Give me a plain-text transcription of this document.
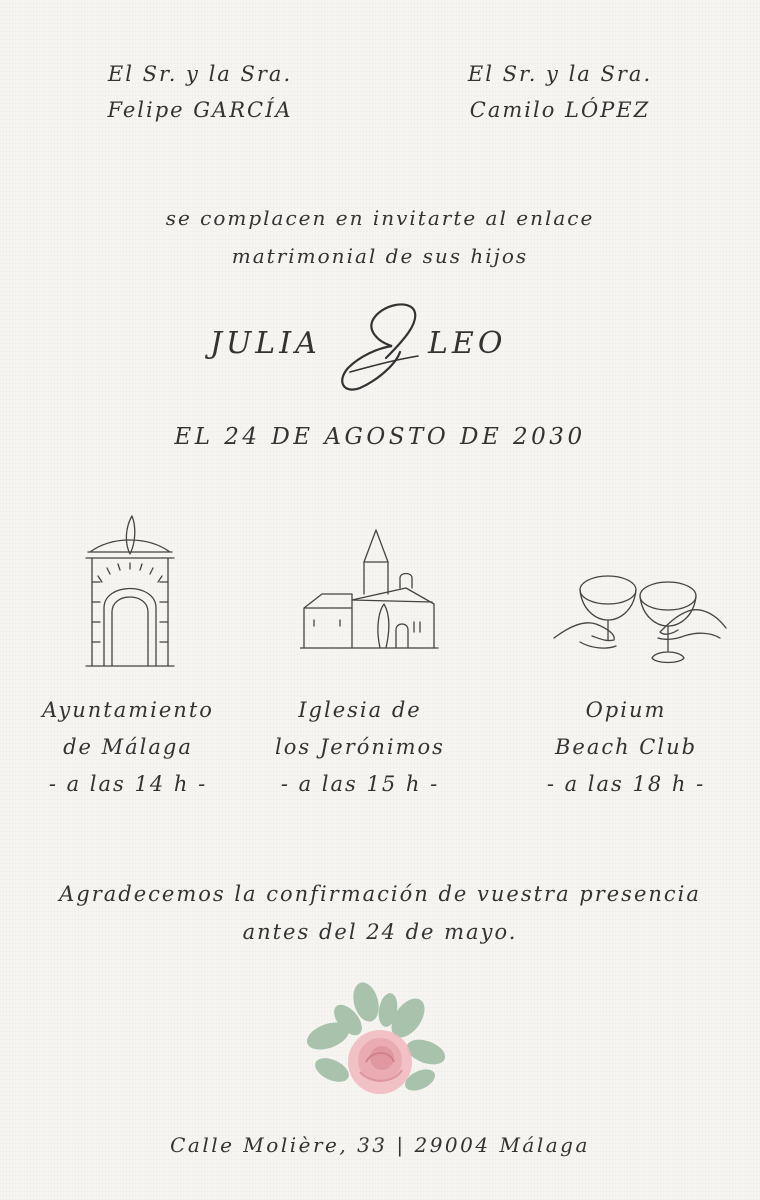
El Sr. y la Sra.
Felipe GARCÍA
El Sr. y la Sra.
Camilo LÓPEZ
se complacen en invitarte al enlace
matrimonial de sus hijos
JULIA	LEO
EL 24 DE AGOSTO DE 2030
Ayuntamiento
de Málaga
- a las 14 h -
Iglesia de
los Jerónimos
- a las 15 h -
Opium
Beach Club
- a las 18 h -
Agradecemos la confirmación de vuestra presencia
antes del 24 de mayo.
Calle Molière, 33 | 29004 Málaga
